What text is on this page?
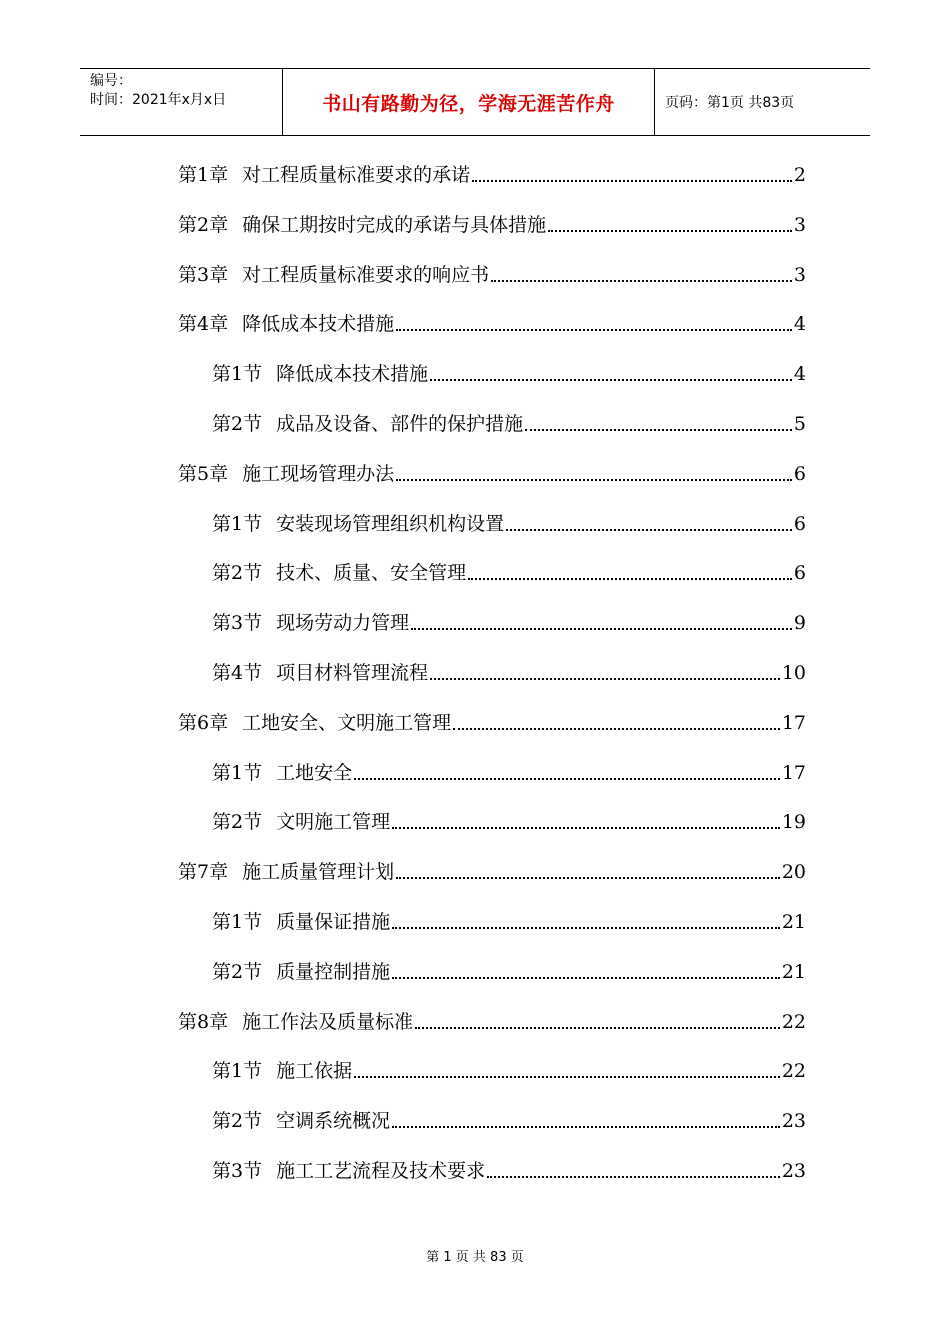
编号：
时间：2021年x月x日	书山有路勤为径，学海无涯苦作舟	页码：第1页 共83页
第1章 对工程质量标准要求的承诺	2
第2章 确保工期按时完成的承诺与具体措施	3
第3章 对工程质量标准要求的响应书	3
第4章 降低成本技术措施	4
第1节 降低成本技术措施	4
第2节 成品及设备、部件的保护措施	5
第5章 施工现场管理办法	6
第1节 安装现场管理组织机构设置	6
第2节 技术、质量、安全管理	6
第3节 现场劳动力管理	9
第4节 项目材料管理流程	10
第6章 工地安全、文明施工管理	17
第1节 工地安全	17
第2节 文明施工管理	19
第7章 施工质量管理计划	20
第1节 质量保证措施	21
第2节 质量控制措施	21
第8章 施工作法及质量标准	22
第1节 施工依据	22
第2节 空调系统概况	23
第3节 施工工艺流程及技术要求	23
第 1 页 共 83 页
